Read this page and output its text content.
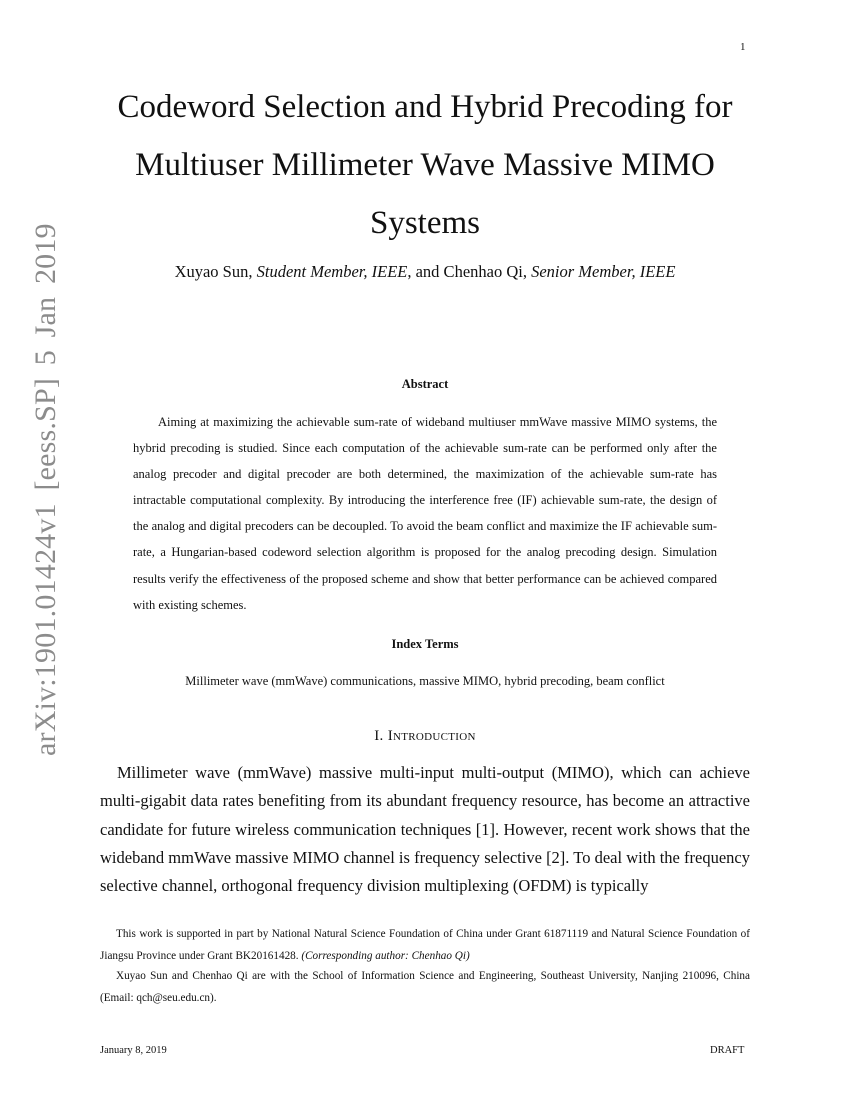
1
arXiv:1901.01424v1 [eess.SP] 5 Jan 2019
Codeword Selection and Hybrid Precoding for Multiuser Millimeter Wave Massive MIMO Systems
Xuyao Sun, Student Member, IEEE, and Chenhao Qi, Senior Member, IEEE
Abstract

Aiming at maximizing the achievable sum-rate of wideband multiuser mmWave massive MIMO systems, the hybrid precoding is studied. Since each computation of the achievable sum-rate can be performed only after the analog precoder and digital precoder are both determined, the maximization of the achievable sum-rate has intractable computational complexity. By introducing the interference free (IF) achievable sum-rate, the design of the analog and digital precoders can be decoupled. To avoid the beam conflict and maximize the IF achievable sum-rate, a Hungarian-based codeword selection algorithm is proposed for the analog precoding design. Simulation results verify the effectiveness of the proposed scheme and show that better performance can be achieved compared with existing schemes.

Index Terms
Millimeter wave (mmWave) communications, massive MIMO, hybrid precoding, beam conflict
I. Introduction

Millimeter wave (mmWave) massive multi-input multi-output (MIMO), which can achieve multi-gigabit data rates benefiting from its abundant frequency resource, has become an attractive candidate for future wireless communication techniques [1]. However, recent work shows that the wideband mmWave massive MIMO channel is frequency selective [2]. To deal with the frequency selective channel, orthogonal frequency division multiplexing (OFDM) is typically

This work is supported in part by National Natural Science Foundation of China under Grant 61871119 and Natural Science Foundation of Jiangsu Province under Grant BK20161428. (Corresponding author: Chenhao Qi)

Xuyao Sun and Chenhao Qi are with the School of Information Science and Engineering, Southeast University, Nanjing 210096, China (Email: qch@seu.edu.cn).

January 8, 2019	DRAFT
